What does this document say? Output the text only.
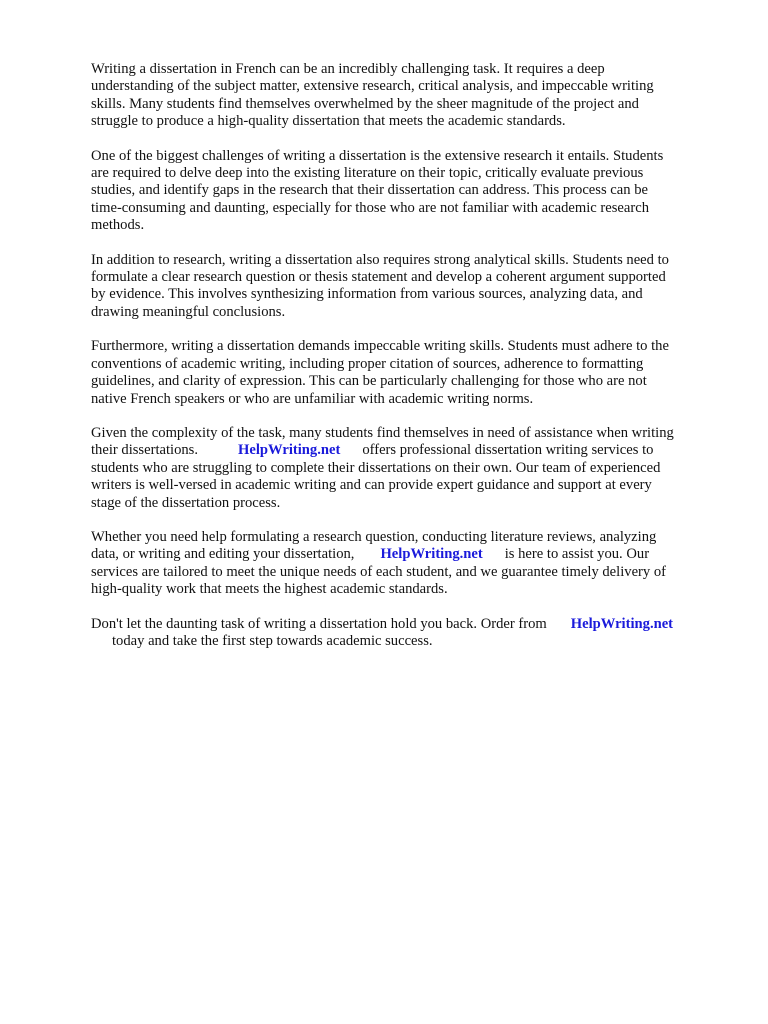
Writing a dissertation in French can be an incredibly challenging task. It requires a deep
understanding of the subject matter, extensive research, critical analysis, and impeccable writing
skills. Many students find themselves overwhelmed by the sheer magnitude of the project and
struggle to produce a high-quality dissertation that meets the academic standards.

One of the biggest challenges of writing a dissertation is the extensive research it entails. Students
are required to delve deep into the existing literature on their topic, critically evaluate previous
studies, and identify gaps in the research that their dissertation can address. This process can be
time-consuming and daunting, especially for those who are not familiar with academic research
methods.

In addition to research, writing a dissertation also requires strong analytical skills. Students need to
formulate a clear research question or thesis statement and develop a coherent argument supported
by evidence. This involves synthesizing information from various sources, analyzing data, and
drawing meaningful conclusions.

Furthermore, writing a dissertation demands impeccable writing skills. Students must adhere to the
conventions of academic writing, including proper citation of sources, adherence to formatting
guidelines, and clarity of expression. This can be particularly challenging for those who are not
native French speakers or who are unfamiliar with academic writing norms.

Given the complexity of the task, many students find themselves in need of assistance when writing
their dissertations.	HelpWriting.net offers professional dissertation writing services to
students who are struggling to complete their dissertations on their own. Our team of experienced
writers is well-versed in academic writing and can provide expert guidance and support at every
stage of the dissertation process.

Whether you need help formulating a research question, conducting literature reviews, analyzing
data, or writing and editing your dissertation, HelpWriting.net is here to assist you. Our
services are tailored to meet the unique needs of each student, and we guarantee timely delivery of
high-quality work that meets the highest academic standards.

Don't let the daunting task of writing a dissertation hold you back. Order from HelpWriting.net
today and take the first step towards academic success.
